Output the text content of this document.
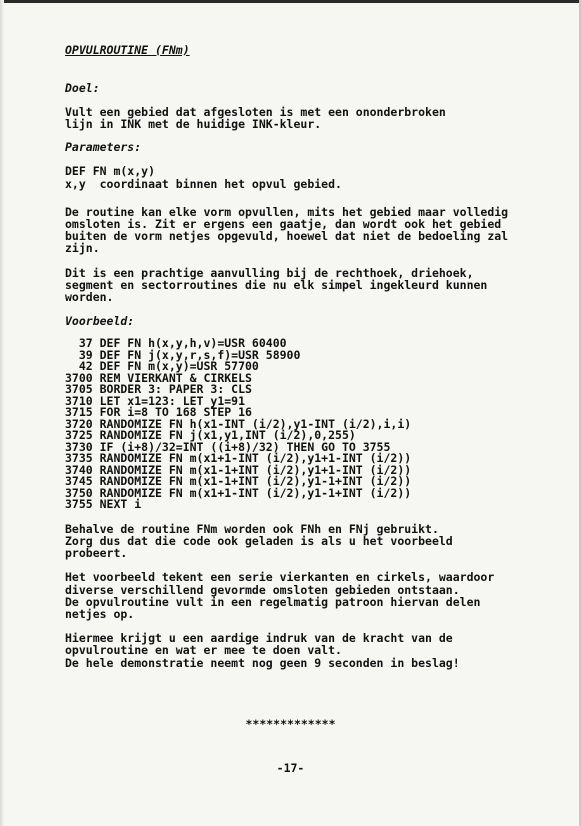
OPVULROUTINE (FNm)

Doel:

Vult een gebied dat afgesloten is met een ononderbroken

lijn in INK met de huidige INK-kleur.

Parameters:

DEF FN m(x,y)

x,y  coordinaat binnen het opvul gebied.

De routine kan elke vorm opvullen, mits het gebied maar volledig

omsloten is. Zit er ergens een gaatje, dan wordt ook het gebied

buiten de vorm netjes opgevuld, hoewel dat niet de bedoeling zal

zijn.

Dit is een prachtige aanvulling bij de rechthoek, driehoek,

segment en sectorroutines die nu elk simpel ingekleurd kunnen

worden.

Voorbeeld:

37 DEF FN h(x,y,h,v)=USR 60400

39 DEF FN j(x,y,r,s,f)=USR 58900

42 DEF FN m(x,y)=USR 57700

3700 REM VIERKANT & CIRKELS

3705 BORDER 3: PAPER 3: CLS

3710 LET x1=123: LET y1=91

3715 FOR i=8 TO 168 STEP 16

3720 RANDOMIZE FN h(x1-INT (i/2),y1-INT (i/2),i,i)

3725 RANDOMIZE FN j(x1,y1,INT (i/2),0,255)

3730 IF (i+8)/32=INT ((i+8)/32) THEN GO TO 3755

3735 RANDOMIZE FN m(x1+1-INT (i/2),y1+1-INT (i/2))

3740 RANDOMIZE FN m(x1-1+INT (i/2),y1+1-INT (i/2))

3745 RANDOMIZE FN m(x1-1+INT (i/2),y1-1+INT (i/2))

3750 RANDOMIZE FN m(x1+1-INT (i/2),y1-1+INT (i/2))

3755 NEXT i

Behalve de routine FNm worden ook FNh en FNj gebruikt.

Zorg dus dat die code ook geladen is als u het voorbeeld

probeert.

Het voorbeeld tekent een serie vierkanten en cirkels, waardoor

diverse verschillend gevormde omsloten gebieden ontstaan.

De opvulroutine vult in een regelmatig patroon hiervan delen

netjes op.

Hiermee krijgt u een aardige indruk van de kracht van de

opvulroutine en wat er mee te doen valt.

De hele demonstratie neemt nog geen 9 seconden in beslag!

*************

-17-
